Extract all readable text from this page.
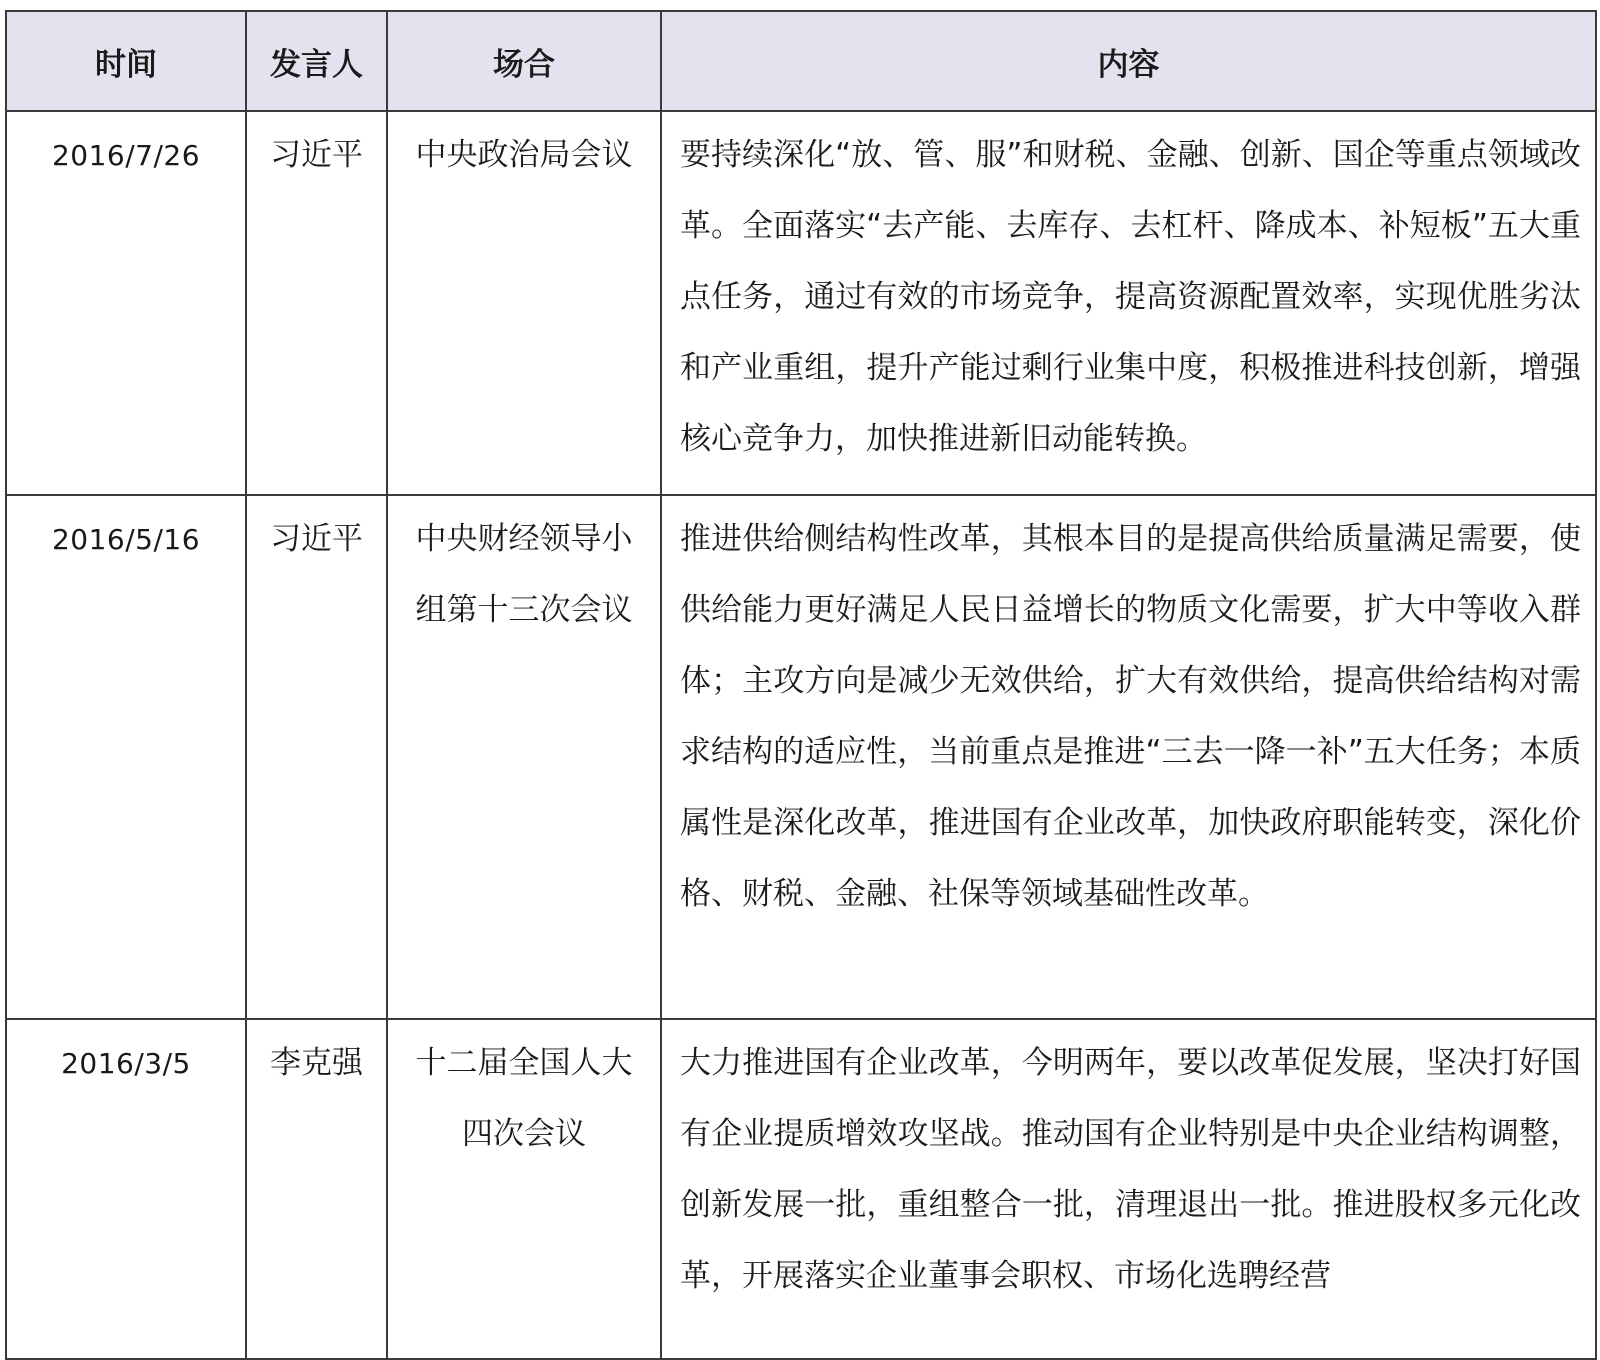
时间	发言人	场合	内容
2016/7/26	习近平	中央政治局会议	要持续深化“放、管、服”和财税、金融、创新、国企等重点领域改革。全面落实“去产能、去库存、去杠杆、降成本、补短板”五大重点任务，通过有效的市场竞争，提高资源配置效率，实现优胜劣汰和产业重组，提升产能过剩行业集中度，积极推进科技创新，增强核心竞争力，加快推进新旧动能转换。
2016/5/16	习近平	中央财经领导小组第十三次会议	推进供给侧结构性改革，其根本目的是提高供给质量满足需要，使供给能力更好满足人民日益增长的物质文化需要，扩大中等收入群体；主攻方向是减少无效供给，扩大有效供给，提高供给结构对需求结构的适应性，当前重点是推进“三去一降一补”五大任务；本质属性是深化改革，推进国有企业改革，加快政府职能转变，深化价格、财税、金融、社保等领域基础性改革。
2016/3/5	李克强	十二届全国人大四次会议	大力推进国有企业改革，今明两年，要以改革促发展，坚决打好国有企业提质增效攻坚战。推动国有企业特别是中央企业结构调整，创新发展一批，重组整合一批，清理退出一批。推进股权多元化改革，开展落实企业董事会职权、市场化选聘经营
